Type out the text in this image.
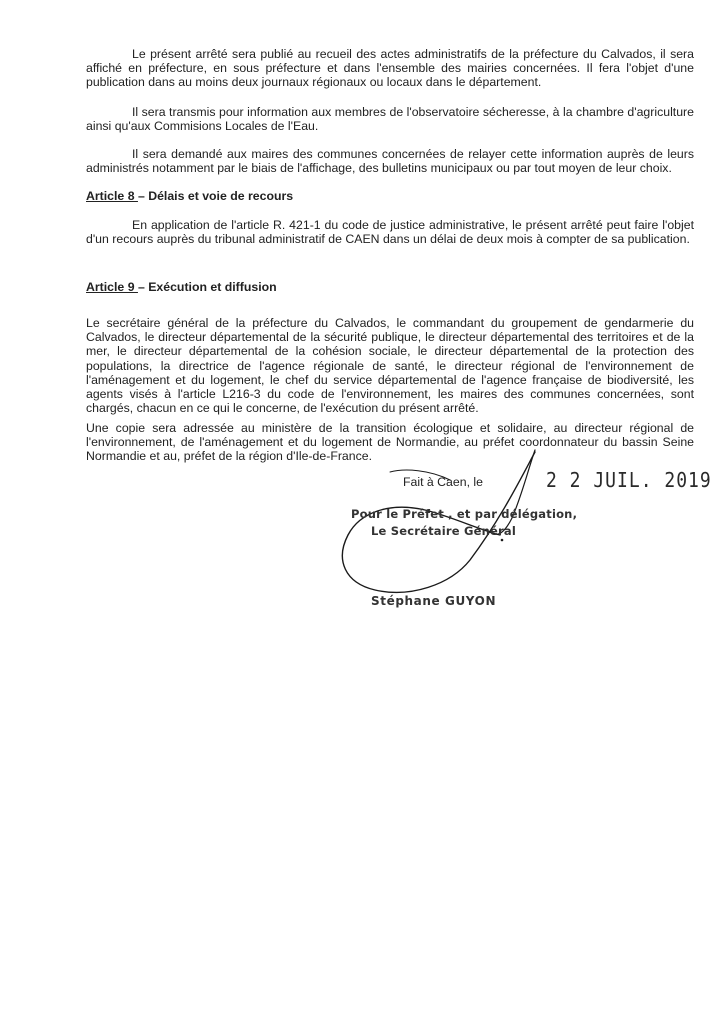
Le présent arrêté sera publié au recueil des actes administratifs de la préfecture du Calvados, il sera affiché en préfecture, en sous préfecture et dans l'ensemble des mairies concernées. Il fera l'objet d'une publication dans au moins deux journaux régionaux ou locaux dans le département.

Il sera transmis pour information aux membres de l'observatoire sécheresse, à la chambre d'agriculture ainsi qu'aux Commisions Locales de l'Eau.

Il sera demandé aux maires des communes concernées de relayer cette information auprès de leurs administrés notamment par le biais de l'affichage, des bulletins municipaux ou par tout moyen de leur choix.

Article 8 – Délais et voie de recours

En application de l'article R. 421-1 du code de justice administrative, le présent arrêté peut faire l'objet d'un recours auprès du tribunal administratif de CAEN dans un délai de deux mois à compter de sa publication.

Article 9 – Exécution et diffusion

Le secrétaire général de la préfecture du Calvados, le commandant du groupement de gendarmerie du Calvados, le directeur départemental de la sécurité publique, le directeur départemental des territoires et de la mer, le directeur départemental de la cohésion sociale, le directeur départemental de la protection des populations, la directrice de l'agence régionale de santé, le directeur régional de l'environnement de l'aménagement et du logement, le chef du service départemental de l'agence française de biodiversité, les agents visés à l'article L216-3 du code de l'environnement, les maires des communes concernées, sont chargés, chacun en ce qui le concerne, de l'exécution du présent arrêté.

Une copie sera adressée au ministère de la transition écologique et solidaire, au directeur régional de l'environnement, de l'aménagement et du logement de Normandie, au préfet coordonnateur du bassin Seine Normandie et au, préfet de la région d'Ile-de-France.

Fait à Caen, le	2 2 JUIL. 2019
Pour le Préfet , et par délégation,
Le Secrétaire Général
Stéphane GUYON
